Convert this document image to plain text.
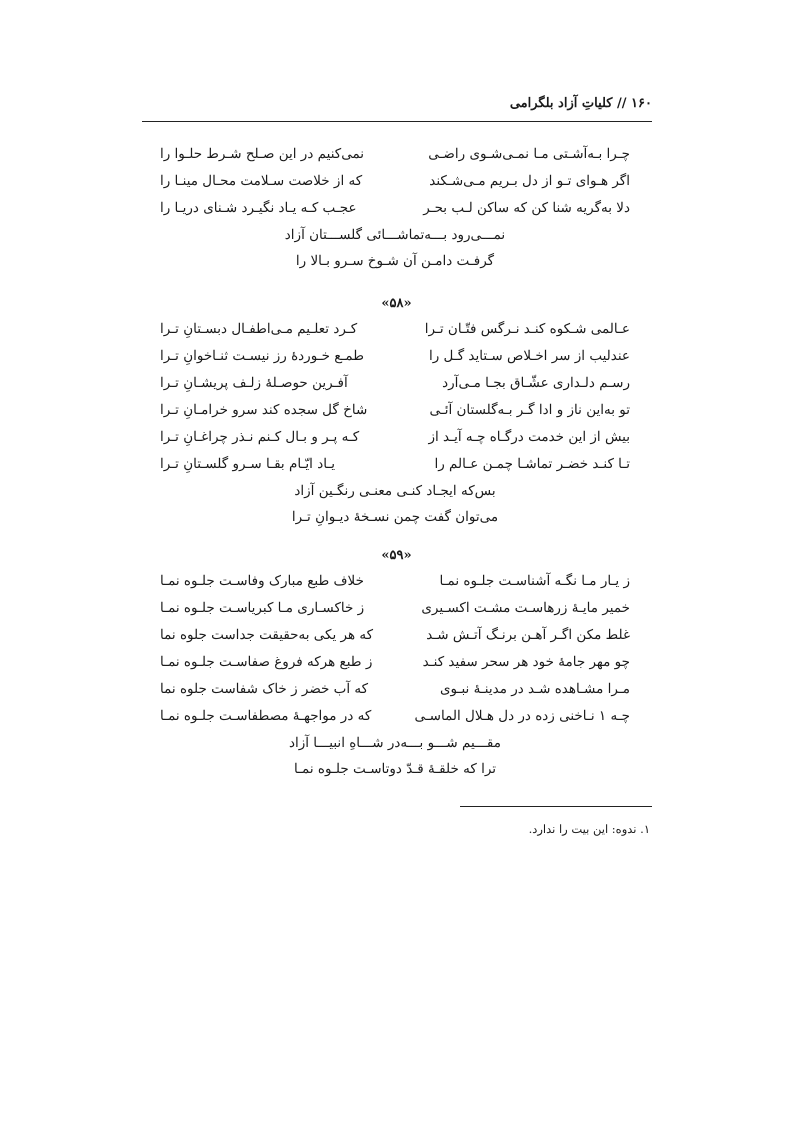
۱۶۰ // کلیاتِ آزاد بلگرامی
چـرا بـه‌آشـتی مـا نمـی‌شـوی راضـی
نمی‌کنیم در این صـلح شـرط حلـوا را
اگر هـوای تـو از دل بـریم مـی‌شـکند
که از خلاصت سـلامت محـال مینـا را
دلا به‌گریه شنا کن که ساکن لـب بحـر
عجـب کـه یـاد نگیـرد شـنای دریـا را
نمـــی‌رود بـــه‌تماشـــائی گلســـتان آزاد
گرفـت دامـن آن شـوخ سـرو بـالا را
«۵۸»
عـالمی شـکوه کنـد نـرگس فتّـان تـرا
کـرد تعلـیم مـی‌اطفـال دبسـتانِ تـرا
عندلیب از سر اخـلاص سـتاید گـل را
طمـع خـوردهٔ رز نیسـت ثنـاخوانِ تـرا
رسـم دلـداری عشّـاق بجـا مـی‌آرد
آفـرین حوصـلهٔ زلـف پریشـانِ تـرا
تو به‌این ناز و ادا گـر بـه‌گلستان آئـی
شاخ گل سجده کند سرو خرامـانِ تـرا
بیش از این خدمت درگـاه چـه آیـد از
کـه پـر و بـال کـنم نـذر چراغـانِ تـرا
تـا کنـد خضـر تماشـا چمـن عـالم را
یـاد ایّـام بقـا سـرو گلسـتانِ تـرا
بس‌که ایجـاد کنـی معنـی رنگـین آزاد
می‌توان گفت چمن نسـخهٔ دیـوانِ تـرا
«۵۹»
ز یـار مـا نگـه آشناسـت جلـوه نمـا
خلاف طبع مبارک وفاسـت جلـوه نمـا
خمیر مایـهٔ زرهاسـت مشـت اکسـیری
ز خاکسـاری مـا کبریاسـت جلـوه نمـا
غلط مکن اگـر آهـن برنـگ آتـش شـد
که هر یکی به‌حقیقت جداست جلوه نما
چو مهر جامهٔ خود هر سحر سفید کنـد
ز طبع هرکه فروغ صفاسـت جلـوه نمـا
مـرا مشـاهده شـد در مدینـهٔ نبـوی
که آب خضر ز خاک شفاست جلوه نما
چـه ۱ نـاخنی زده در دل هـلال الماسـی
که در مواجهـهٔ مصطفاسـت جلـوه نمـا
مقـــیم شـــو بـــه‌در شـــاهِ انبیـــا آزاد
ترا که خلقـهٔ قـدّ دوتاسـت جلـوه نمـا
۱. ندوه: این بیت را ندارد.
